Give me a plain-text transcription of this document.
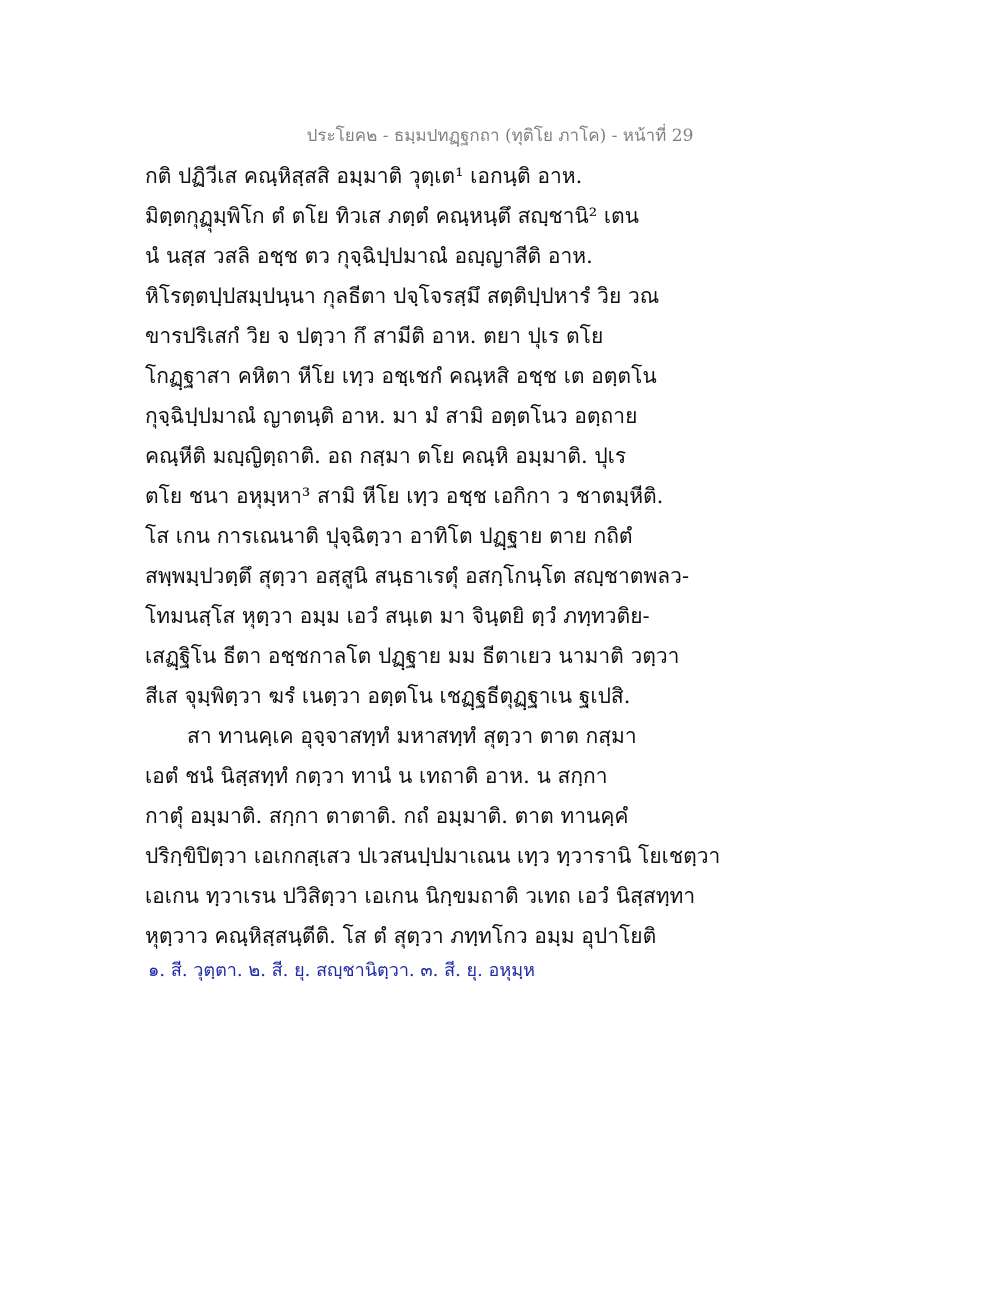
ประโยค๒ - ธมฺมปทฏฺฐกถา (ทุติโย ภาโค) - หน้าที่ 29
กติ ปฏิวีเส คณฺหิสฺสสิ อมฺมาติ วุตฺเต¹ เอกนฺติ อาห.
มิตฺตกุฏุมฺพิโก ตํ ตโย ทิวเส ภตฺตํ คณฺหนฺตึ สญฺชานิ² เตน
นํ นสฺส วสลิ อชฺช ตว กุจฺฉิปฺปมาณํ อญฺญาสีติ อาห.
หิโรตฺตปฺปสมฺปนฺนา กุลธีตา ปจฺโจรสฺมึ สตฺติปฺปหารํ วิย วณ
ขารปริเสกํ วิย จ ปตฺวา กึ สามีติ อาห. ตยา ปุเร ตโย
โกฏฺฐาสา คหิตา หีโย เทฺว อชฺเชกํ คณฺหสิ อชฺช เต อตฺตโน
กุจฺฉิปฺปมาณํ ญาตนฺติ อาห. มา มํ สามิ อตฺตโนว อตฺถาย
คณฺหีติ มญฺญิตฺถาติ. อถ กสฺมา ตโย คณฺหิ อมฺมาติ. ปุเร
ตโย ชนา อหุมฺหา³ สามิ หีโย เทฺว อชฺช เอกิกา ว ชาตมฺหีติ.
โส เกน การเณนาติ ปุจฺฉิตฺวา อาทิโต ปฏฺฐาย ตาย กถิตํ
สพฺพมฺปวตฺตึ สุตฺวา อสฺสูนิ สนฺธาเรตุํ อสกฺโกนฺโต สญฺชาตพลว-
โทมนสฺโส หุตฺวา อมฺม เอวํ สนฺเต มา จินฺตยิ ตฺวํ ภทฺทวติย-
เสฏฺฐิโน ธีตา อชฺชกาลโต ปฏฺฐาย มม ธีตาเยว นามาติ วตฺวา
สีเส จุมฺพิตฺวา ฆรํ เนตฺวา อตฺตโน เชฏฺฐธีตุฏฺฐาเน ฐเปสิ.
สา ทานคฺเค อุจฺจาสทฺทํ มหาสทฺทํ สุตฺวา ตาต กสฺมา
เอตํ ชนํ นิสฺสทฺทํ กตฺวา ทานํ น เทถาติ อาห. น สกฺกา
กาตุํ อมฺมาติ. สกฺกา ตาตาติ. กถํ อมฺมาติ. ตาต ทานคฺคํ
ปริกฺขิปิตฺวา เอเกกสฺเสว ปเวสนปฺปมาเณน เทฺว ทฺวารานิ โยเชตฺวา
เอเกน ทฺวาเรน ปวิสิตฺวา เอเกน นิกฺขมถาติ วเทถ เอวํ นิสฺสทฺทา
หุตฺวาว คณฺหิสฺสนฺตีติ. โส ตํ สุตฺวา ภทฺทโกว อมฺม อุปาโยติ
๑. สี. วุตฺตา. ๒. สี. ยุ. สญฺชานิตฺวา. ๓. สี. ยุ. อหุมฺห
